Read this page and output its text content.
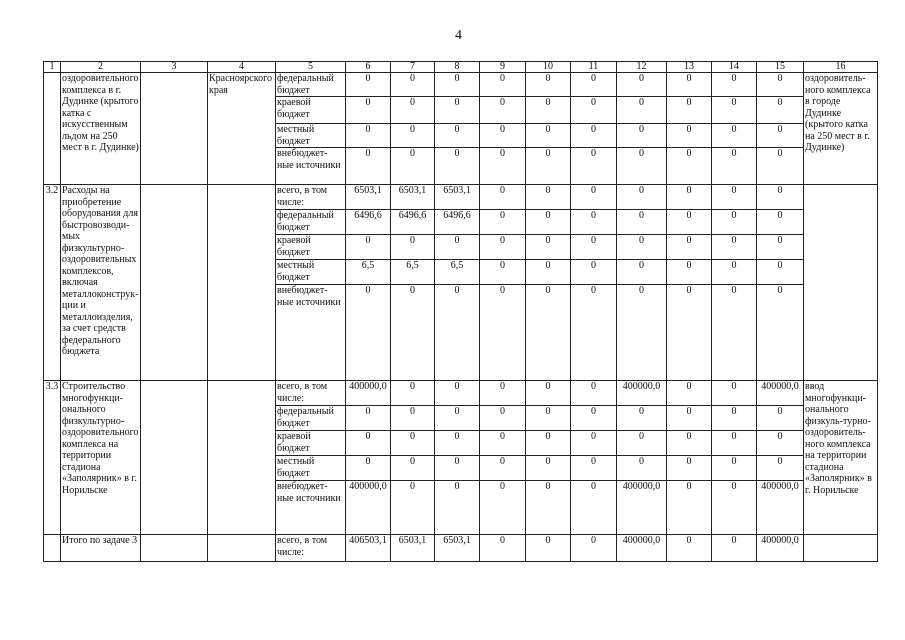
4
1	2	3	4	5	6	7	8	9	10	11	12	13	14	15	16
	оздоровительного комплекса в г. Дудинке (крытого катка с искусственным льдом на 250 мест в г. Дудинке)		Красноярского края	федеральный бюджет	0	0	0	0	0	0	0	0	0	0	оздоровитель-ного комплекса в городе Дудинке (крытого катка на 250 мест в г. Дудинке)
				краевой бюджет	0	0	0	0	0	0	0	0	0	0	
				местный бюджет	0	0	0	0	0	0	0	0	0	0	
				внебюджет-ные источники	0	0	0	0	0	0	0	0	0	0	
3.2	Расходы на приобретение оборудования для быстровозводи-мых физкультурно-оздоровительных комплексов, включая металлоконструк-ции и металлоизделия, за счет средств федерального бюджета			всего, в том числе:	6503,1	6503,1	6503,1	0	0	0	0	0	0	0	
				федеральный бюджет	6496,6	6496,6	6496,6	0	0	0	0	0	0	0	
				краевой бюджет	0	0	0	0	0	0	0	0	0	0	
				местный бюджет	6,5	6,5	6,5	0	0	0	0	0	0	0	
				внебюджет-ные источники	0	0	0	0	0	0	0	0	0	0	
3.3	Строительство многофункци-онального физкультурно-оздоровительного комплекса на территории стадиона «Заполярник» в г. Норильске			всего, в том числе:	400000,0	0	0	0	0	0	400000,0	0	0	400000,0	ввод многофункци-онального физкуль-турно-оздоровитель-ного комплекса на территории стадиона «Заполярник» в г. Норильске
				федеральный бюджет	0	0	0	0	0	0	0	0	0	0	
				краевой бюджет	0	0	0	0	0	0	0	0	0	0	
				местный бюджет	0	0	0	0	0	0	0	0	0	0	
				внебюджет-ные источники	400000,0	0	0	0	0	0	400000,0	0	0	400000,0	
	Итого по задаче 3			всего, в том числе:	406503,1	6503,1	6503,1	0	0	0	400000,0	0	0	400000,0	
